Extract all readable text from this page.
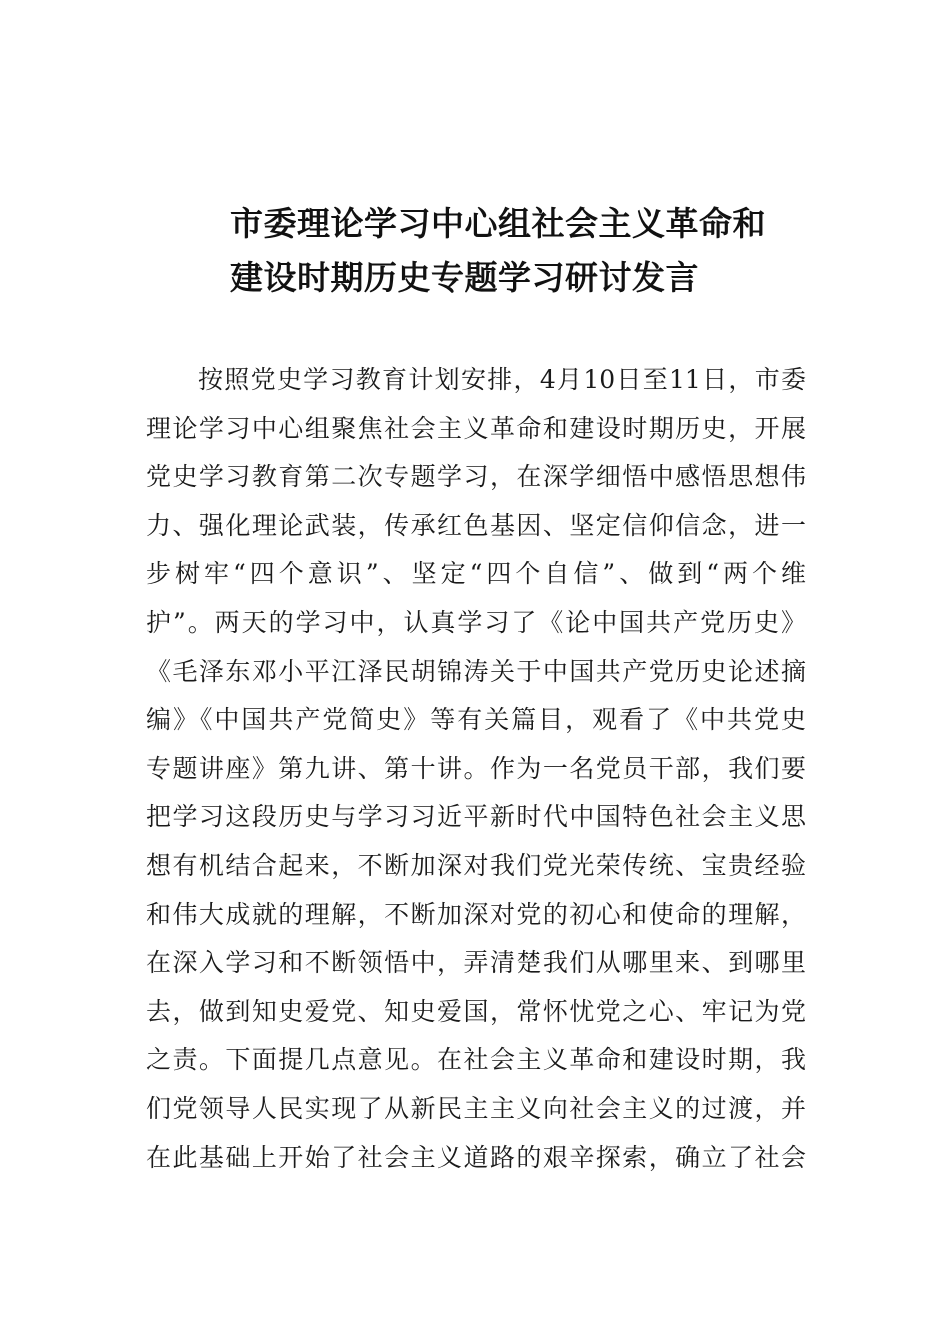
市委理论学习中心组社会主义革命和
建设时期历史专题学习研讨发言
按照党史学习教育计划安排，4月10日至11日，市委
理论学习中心组聚焦社会主义革命和建设时期历史，开展
党史学习教育第二次专题学习，在深学细悟中感悟思想伟
力、强化理论武装，传承红色基因、坚定信仰信念，进一
步树牢“四个意识”、坚定“四个自信”、做到“两个维
护”。两天的学习中，认真学习了《论中国共产党历史》
《毛泽东邓小平江泽民胡锦涛关于中国共产党历史论述摘
编》《中国共产党简史》等有关篇目，观看了《中共党史
专题讲座》第九讲、第十讲。作为一名党员干部，我们要
把学习这段历史与学习习近平新时代中国特色社会主义思
想有机结合起来，不断加深对我们党光荣传统、宝贵经验
和伟大成就的理解，不断加深对党的初心和使命的理解，
在深入学习和不断领悟中，弄清楚我们从哪里来、到哪里
去，做到知史爱党、知史爱国，常怀忧党之心、牢记为党
之责。下面提几点意见。在社会主义革命和建设时期，我
们党领导人民实现了从新民主主义向社会主义的过渡，并
在此基础上开始了社会主义道路的艰辛探索，确立了社会
